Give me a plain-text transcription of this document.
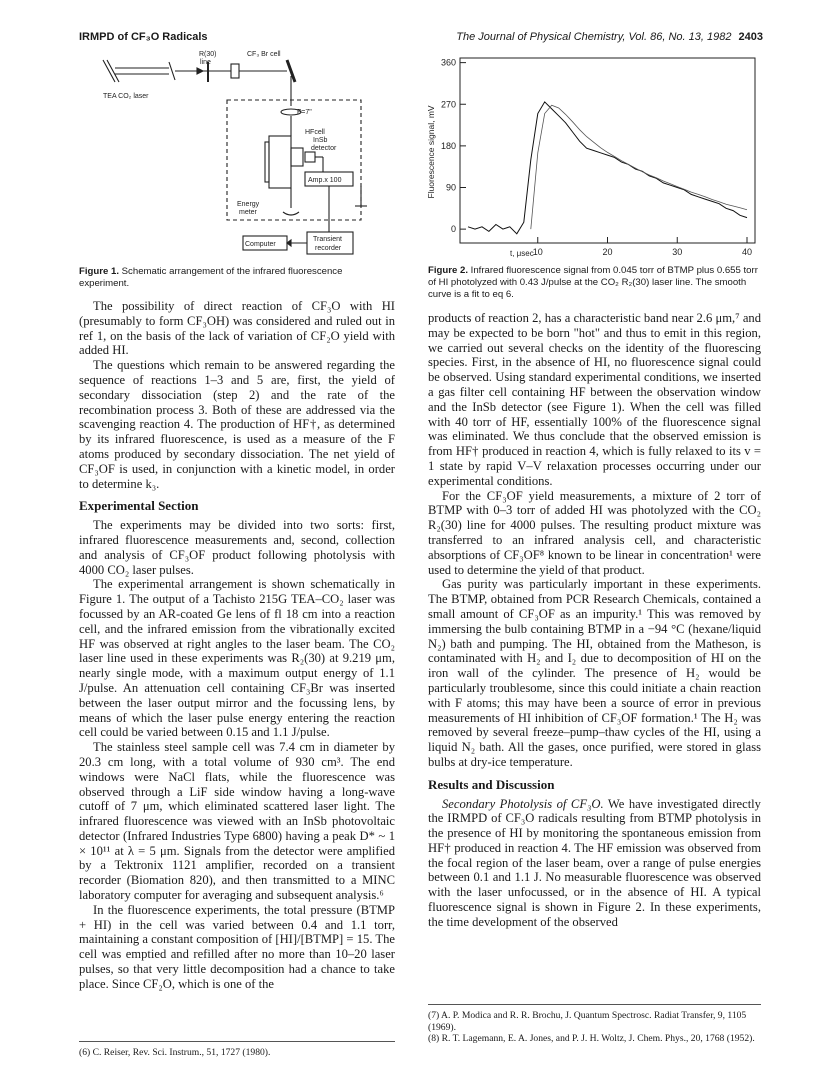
IRMPD of CF₃O Radicals	The Journal of Physical Chemistry, Vol. 86, No. 13, 1982 2403
TEA CO₂ laser
R(30)
line
CF₃ Br cell
F=7"
HFcell
InSb
detector
Amp.x 100
Energy
meter
Computer
Transient
recorder
Figure 1. Schematic arrangement of the infrared fluorescence experiment.
0
90
180
270
360
10	20	30	40
Fluorescence signal, mV
t, μsec
Figure 2. Infrared fluorescence signal from 0.045 torr of BTMP plus 0.655 torr of HI photolyzed with 0.43 J/pulse at the CO₂ R₂(30) laser line. The smooth curve is a fit to eq 6.

The possibility of direct reaction of CF₃O with HI (presumably to form CF₃OH) was considered and ruled out in ref 1, on the basis of the lack of variation of CF₂O yield with added HI.

The questions which remain to be answered regarding the sequence of reactions 1–3 and 5 are, first, the yield of secondary dissociation (step 2) and the rate of the recombination process 3. Both of these are addressed via the scavenging reaction 4. The production of HF†, as determined by its infrared fluorescence, is used as a measure of the F atoms produced by secondary dissociation. The net yield of CF₃OF is used, in conjunction with a kinetic model, in order to determine k₃.

Experimental Section

The experiments may be divided into two sorts: first, infrared fluorescence measurements and, second, collection and analysis of CF₃OF product following photolysis with 4000 CO₂ laser pulses.

The experimental arrangement is shown schematically in Figure 1. The output of a Tachisto 215G TEA–CO₂ laser was focussed by an AR-coated Ge lens of fl 18 cm into a reaction cell, and the infrared emission from the vibrationally excited HF was observed at right angles to the laser beam. The CO₂ laser line used in these experiments was R₂(30) at 9.219 μm, nearly single mode, with a maximum output energy of 1.1 J/pulse. An attenuation cell containing CF₃Br was inserted between the laser output mirror and the focussing lens, by means of which the laser pulse energy entering the reaction cell could be varied between 0.15 and 1.1 J/pulse.

The stainless steel sample cell was 7.4 cm in diameter by 20.3 cm long, with a total volume of 930 cm³. The end windows were NaCl flats, while the fluorescence was observed through a LiF side window having a long-wave cutoff of 7 μm, which eliminated scattered laser light. The infrared fluorescence was viewed with an InSb photovoltaic detector (Infrared Industries Type 6800) having a peak D* ~ 1 × 10¹¹ at λ = 5 μm. Signals from the detector were amplified by a Tektronix 1121 amplifier, recorded on a transient recorder (Biomation 820), and then transmitted to a MINC laboratory computer for averaging and subsequent analysis.⁶

In the fluorescence experiments, the total pressure (BTMP + HI) in the cell was varied between 0.4 and 1.1 torr, maintaining a constant composition of [HI]/[BTMP] = 15. The cell was emptied and refilled after no more than 10–20 laser pulses, so that very little decomposition had a chance to take place. Since CF₂O, which is one of the

products of reaction 2, has a characteristic band near 2.6 μm,⁷ and may be expected to be born "hot" and thus to emit in this region, we carried out several checks on the identity of the fluorescing species. First, in the absence of HI, no fluorescence signal could be observed. Using standard experimental conditions, we inserted a gas filter cell containing HF between the observation window and the InSb detector (see Figure 1). When the cell was filled with 40 torr of HF, essentially 100% of the fluorescence signal was eliminated. We thus conclude that the observed emission is from HF† produced in reaction 4, which is fully relaxed to its v = 1 state by rapid V–V relaxation processes occurring under our experimental conditions.

For the CF₃OF yield measurements, a mixture of 2 torr of BTMP with 0–3 torr of added HI was photolyzed with the CO₂ R₂(30) line for 4000 pulses. The resulting product mixture was transferred to an infrared analysis cell, and characteristic absorptions of CF₃OF⁸ known to be linear in concentration¹ were used to determine the yield of that product.

Gas purity was particularly important in these experiments. The BTMP, obtained from PCR Research Chemicals, contained a small amount of CF₃OF as an impurity.¹ This was removed by immersing the bulb containing BTMP in a −94 °C (hexane/liquid N₂) bath and pumping. The HI, obtained from the Matheson, is contaminated with H₂ and I₂ due to decomposition of HI on the iron wall of the cylinder. The presence of H₂ would be particularly troublesome, since this could initiate a chain reaction with F atoms; this may have been a source of error in previous measurements of HI inhibition of CF₃OF formation.¹ The H₂ was removed by several freeze–pump–thaw cycles of the HI, using a liquid N₂ bath. All the gases, once purified, were stored in glass bulbs at dry-ice temperature.

Results and Discussion

Secondary Photolysis of CF₃O. We have investigated directly the IRMPD of CF₃O radicals resulting from BTMP photolysis in the presence of HI by monitoring the spontaneous emission from HF† produced in reaction 4. The HF emission was observed from the focal region of the laser beam, over a range of pulse energies between 0.1 and 1.1 J. No measurable fluorescence was observed with the laser unfocussed, or in the absence of HI. A typical fluorescence signal is shown in Figure 2. In these experiments, the time development of the observed

(6) C. Reiser, Rev. Sci. Instrum., 51, 1727 (1980).
(7) A. P. Modica and R. R. Brochu, J. Quantum Spectrosc. Radiat Transfer, 9, 1105 (1969).
(8) R. T. Lagemann, E. A. Jones, and P. J. H. Woltz, J. Chem. Phys., 20, 1768 (1952).
